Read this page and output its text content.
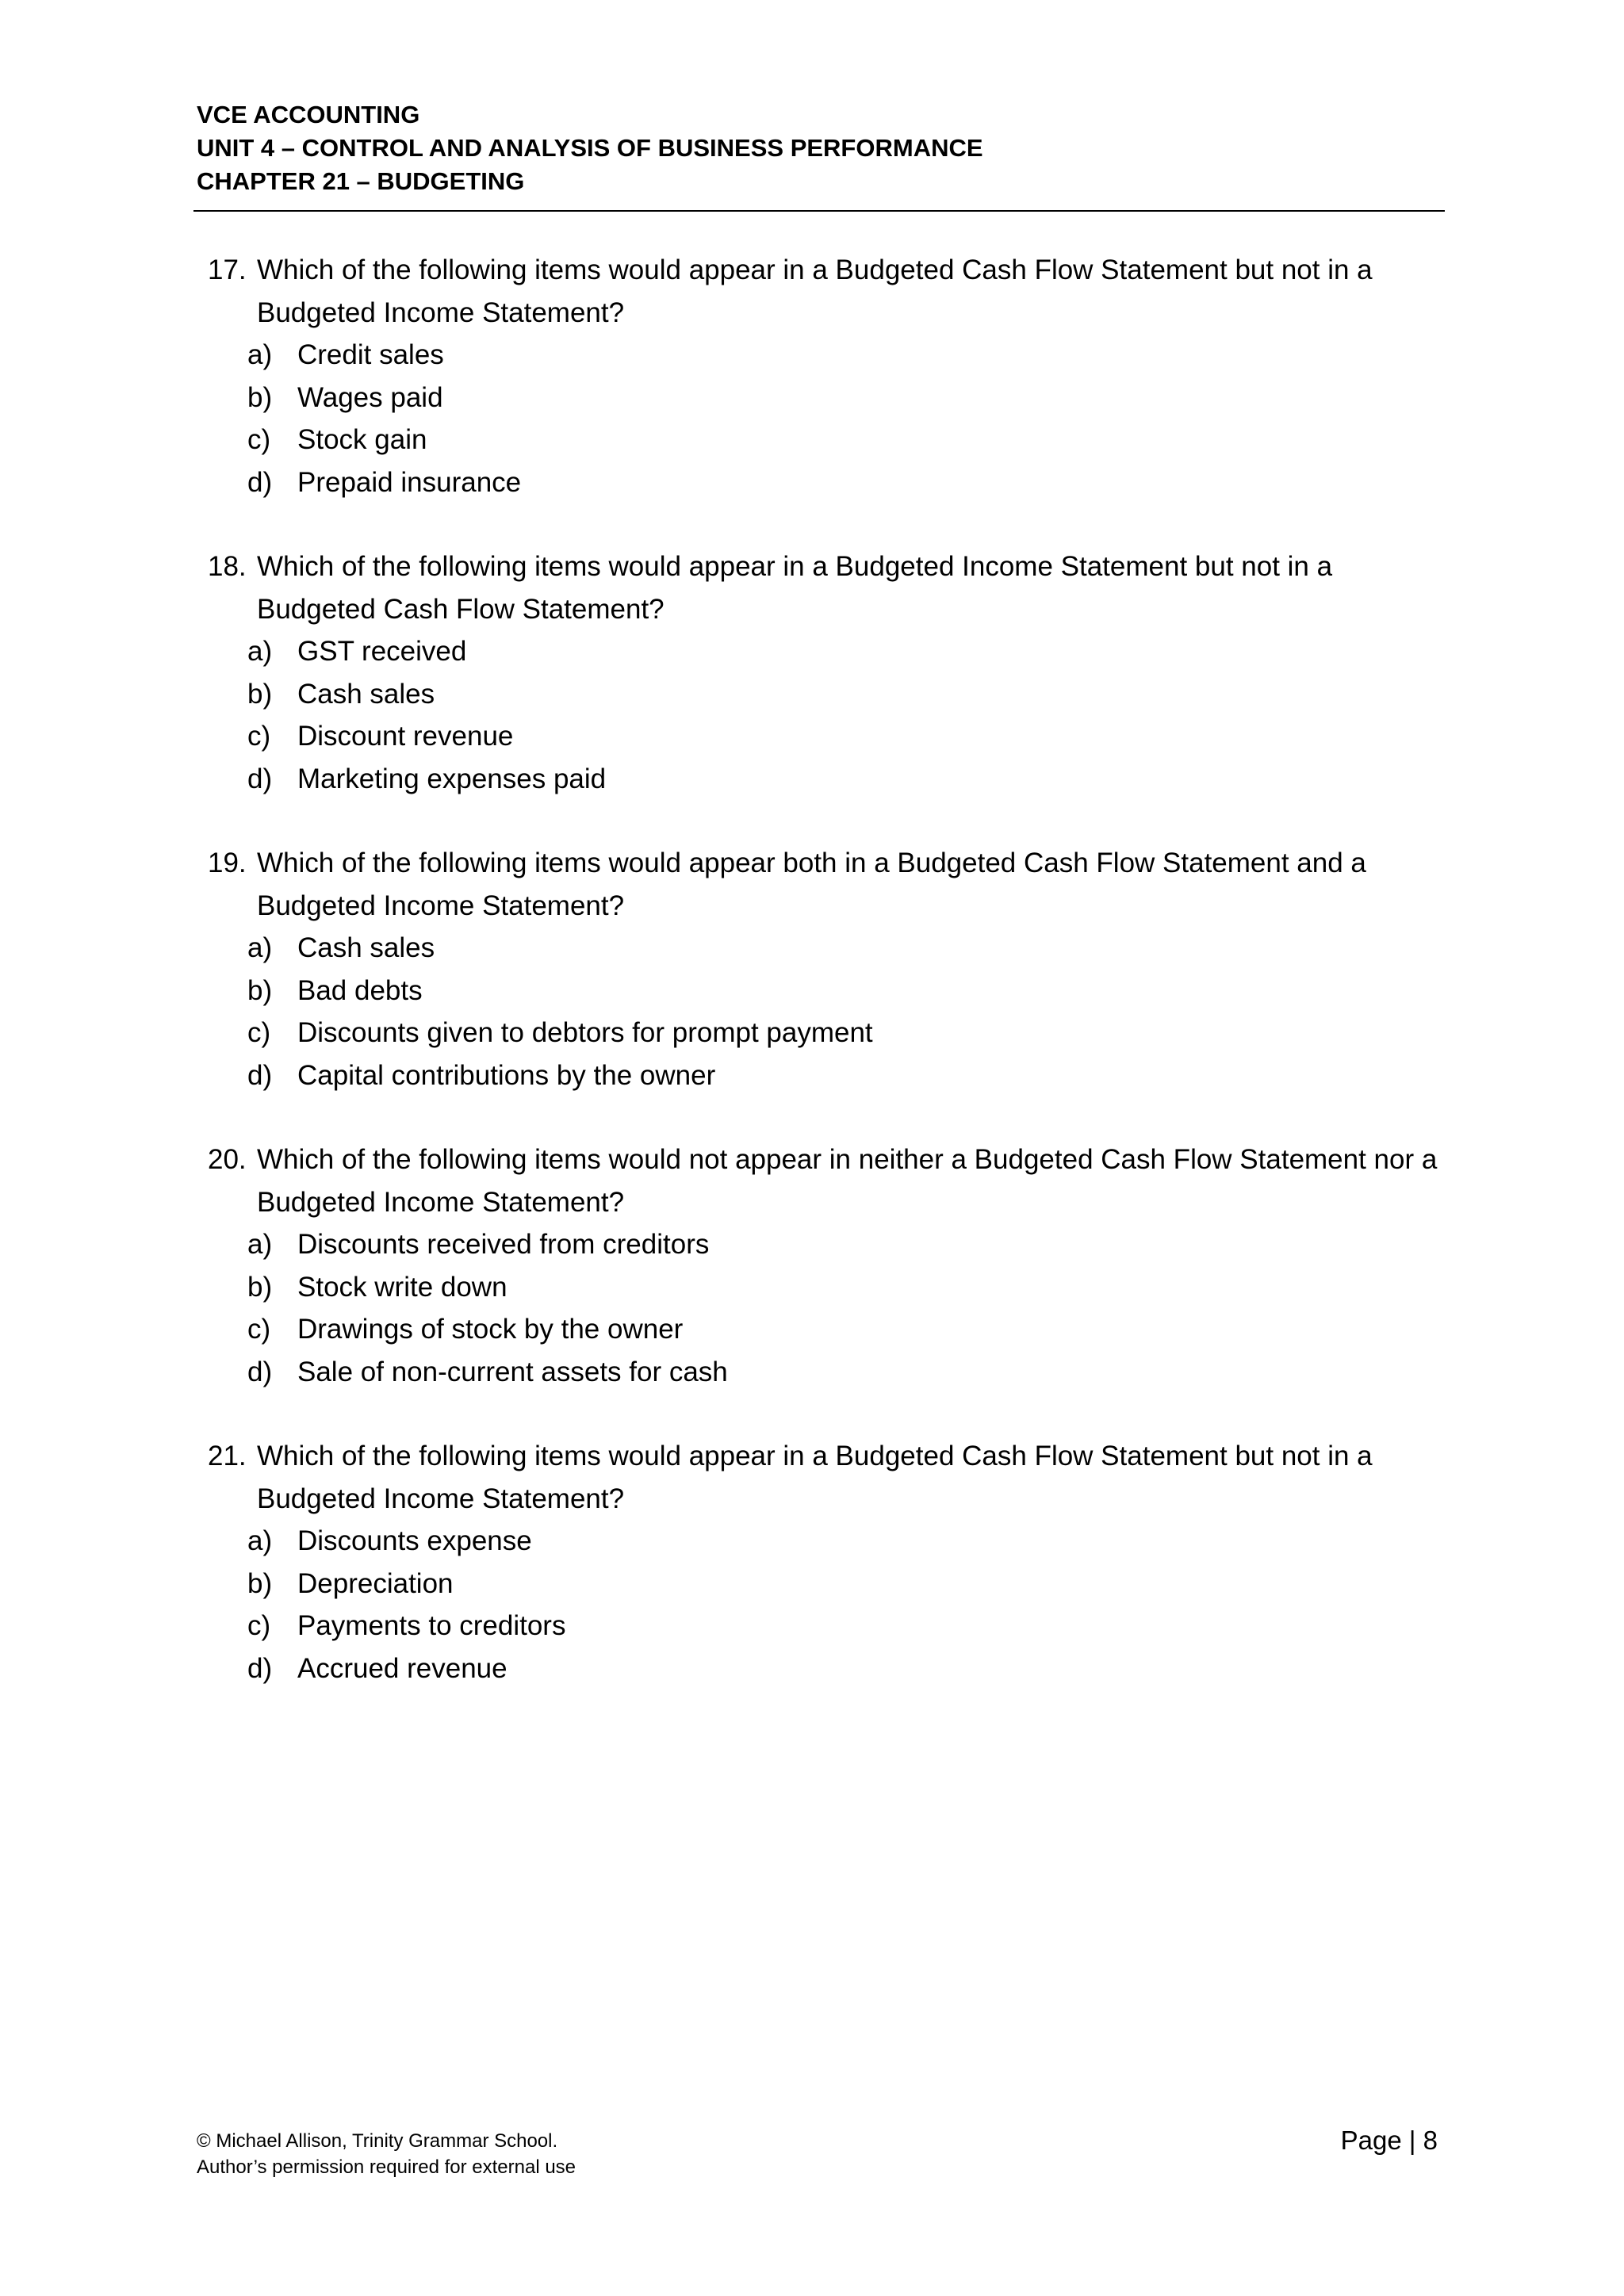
VCE ACCOUNTING
UNIT 4 – CONTROL AND ANALYSIS OF BUSINESS PERFORMANCE
CHAPTER 21 – BUDGETING
17. Which of the following items would appear in a Budgeted Cash Flow Statement but not in a Budgeted Income Statement?
a) Credit sales
b) Wages paid
c) Stock gain
d) Prepaid insurance
18. Which of the following items would appear in a Budgeted Income Statement but not in a Budgeted Cash Flow Statement?
a) GST received
b) Cash sales
c) Discount revenue
d) Marketing expenses paid
19. Which of the following items would appear both in a Budgeted Cash Flow Statement and a Budgeted Income Statement?
a) Cash sales
b) Bad debts
c) Discounts given to debtors for prompt payment
d) Capital contributions by the owner
20. Which of the following items would not appear in neither a Budgeted Cash Flow Statement nor a Budgeted Income Statement?
a) Discounts received from creditors
b) Stock write down
c) Drawings of stock by the owner
d) Sale of non-current assets for cash
21. Which of the following items would appear in a Budgeted Cash Flow Statement but not in a Budgeted Income Statement?
a) Discounts expense
b) Depreciation
c) Payments to creditors
d) Accrued revenue
© Michael Allison, Trinity Grammar School.
Author’s permission required for external use
Page | 8
